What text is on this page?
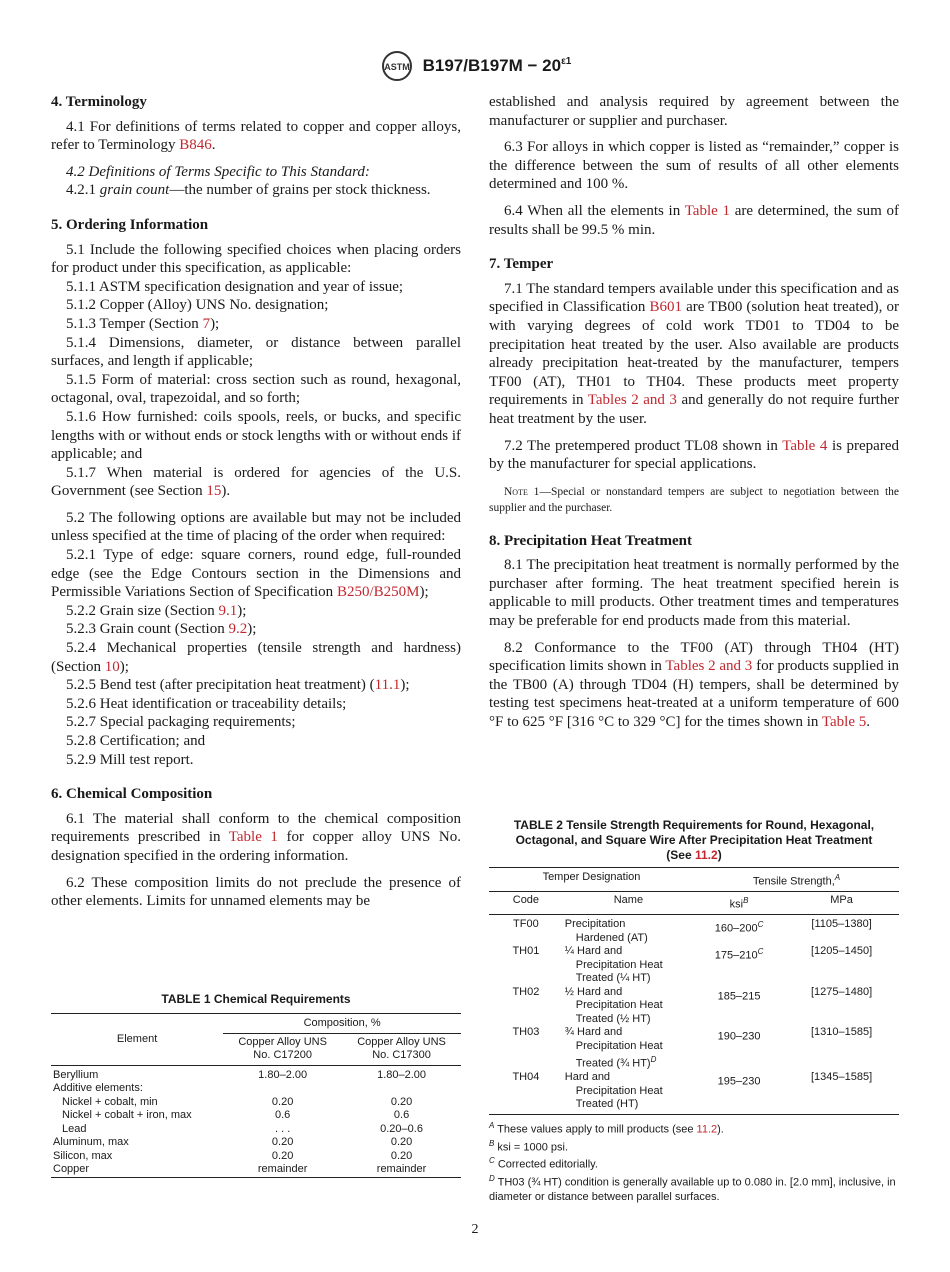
ASTM $B197/B197M - 20^{\varepsilon 1}$
4. Terminology

4.1 For definitions of terms related to copper and copper alloys, refer to Terminology B846.

4.2 Definitions of Terms Specific to This Standard:

4.2.1 grain count—the number of grains per stock thickness.

5. Ordering Information

5.1 Include the following specified choices when placing orders for product under this specification, as applicable:

5.1.1 ASTM specification designation and year of issue;

5.1.2 Copper (Alloy) UNS No. designation;

5.1.3 Temper (Section 7);

5.1.4 Dimensions, diameter, or distance between parallel surfaces, and length if applicable;

5.1.5 Form of material: cross section such as round, hexagonal, octagonal, oval, trapezoidal, and so forth;

5.1.6 How furnished: coils spools, reels, or bucks, and specific lengths with or without ends or stock lengths with or without ends if applicable; and

5.1.7 When material is ordered for agencies of the U.S. Government (see Section 15).

5.2 The following options are available but may not be included unless specified at the time of placing of the order when required:

5.2.1 Type of edge: square corners, round edge, full-rounded edge (see the Edge Contours section in the Dimensions and Permissible Variations Section of Specification B250/B250M);

5.2.2 Grain size (Section 9.1);

5.2.3 Grain count (Section 9.2);

5.2.4 Mechanical properties (tensile strength and hardness) (Section 10);

5.2.5 Bend test (after precipitation heat treatment) (11.1);

5.2.6 Heat identification or traceability details;

5.2.7 Special packaging requirements;

5.2.8 Certification; and

5.2.9 Mill test report.

6. Chemical Composition

6.1 The material shall conform to the chemical composition requirements prescribed in Table 1 for copper alloy UNS No. designation specified in the ordering information.

6.2 These composition limits do not preclude the presence of other elements. Limits for unnamed elements may be

TABLE 1 Chemical Requirements
Element	Composition, %	
	Copper Alloy UNS
No. C17200	Copper Alloy UNS
No. C17300
Beryllium	1.80–2.00	1.80–2.00
Additive elements:		
Nickel + cobalt, min	0.20	0.20
Nickel + cobalt + iron, max	0.6	0.6
Lead	. . .	0.20–0.6
Aluminum, max	0.20	0.20
Silicon, max	0.20	0.20
Copper	remainder	remainder

established and analysis required by agreement between the manufacturer or supplier and purchaser.

6.3 For alloys in which copper is listed as “remainder,” copper is the difference between the sum of results of all other elements determined and 100 %.

6.4 When all the elements in Table 1 are determined, the sum of results shall be 99.5 % min.

7. Temper

7.1 The standard tempers available under this specification and as specified in Classification B601 are TB00 (solution heat treated), or with varying degrees of cold work TD01 to TD04 to be precipitation heat treated by the user. Also available are products already precipitation heat-treated by the manufacturer, tempers TF00 (AT), TH01 to TH04. These products meet property requirements in Tables 2 and 3 and generally do not require further heat treatment by the user.

7.2 The pretempered product TL08 shown in Table 4 is prepared by the manufacturer for special applications.

Note 1—Special or nonstandard tempers are subject to negotiation between the supplier and the purchaser.

8. Precipitation Heat Treatment

8.1 The precipitation heat treatment is normally performed by the purchaser after forming. The heat treatment specified herein is applicable to mill products. Other treatment times and temperatures may be preferable for end products made from this material.

8.2 Conformance to the TF00 (AT) through TH04 (HT) specification limits shown in Tables 2 and 3 for products supplied in the TB00 (A) through TD04 (H) tempers, shall be determined by testing test specimens heat-treated at a uniform temperature of 600 °F to 625 °F [316 °C to 329 °C] for the times shown in Table 5.

TABLE 2 Tensile Strength Requirements for Round, Hexagonal,
Octagonal, and Square Wire After Precipitation Heat Treatment
(See 11.2)
Temper Designation		Tensile Strength,$^A$
Code	Name	ksi$^B$	MPa
TF00	Precipitation
Hardened (AT)	$160-200^C$	[1105–1380]
TH01	¼ Hard and
Precipitation Heat
Treated (¼ HT)	$175-210^C$	[1205–1450]
TH02	½ Hard and
Precipitation Heat
Treated (½ HT)	185–215	[1275–1480]
TH03	¾ Hard and
Precipitation Heat
Treated (¾ HT)$^D$	190–230	[1310–1585]
TH04	Hard and
Precipitation Heat
Treated (HT)	195–230	[1345–1585]
$^A$ These values apply to mill products (see 11.2).
$^B$ ksi = 1000 psi.
$^C$ Corrected editorially.
$^D$ TH03 (¾ HT) condition is generally available up to 0.080 in. [2.0 mm], inclusive, in diameter or distance between parallel surfaces.
2
